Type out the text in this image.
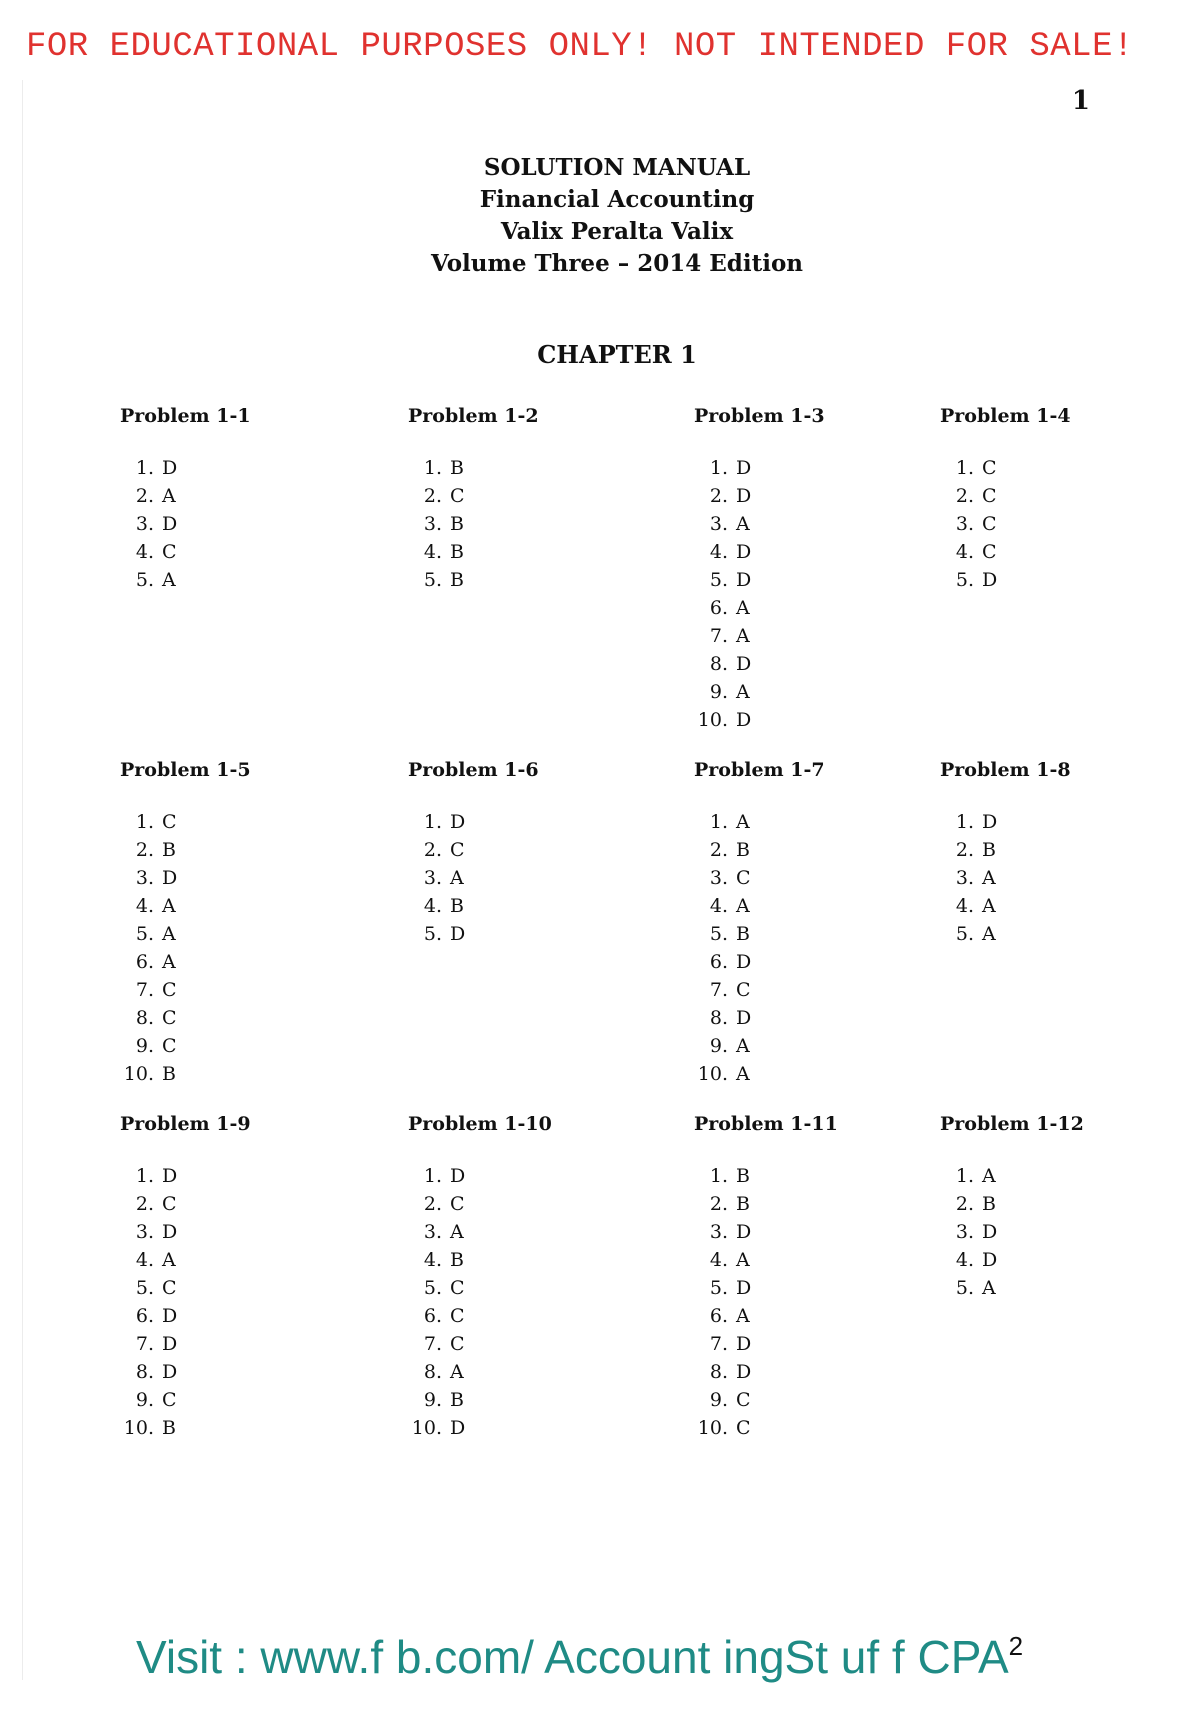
FOR EDUCATIONAL PURPOSES ONLY! NOT INTENDED FOR SALE!
1
SOLUTION MANUAL
Financial Accounting
Valix Peralta Valix
Volume Three – 2014 Edition
CHAPTER 1
Problem 1-1
1. D
2. A
3. D
4. C
5. A
Problem 1-2
1. B
2. C
3. B
4. B
5. B
Problem 1-3
1. D
2. D
3. A
4. D
5. D
6. A
7. A
8. D
9. A
10. D
Problem 1-4
1. C
2. C
3. C
4. C
5. D
Problem 1-5
1. C
2. B
3. D
4. A
5. A
6. A
7. C
8. C
9. C
10. B
Problem 1-6
1. D
2. C
3. A
4. B
5. D
Problem 1-7
1. A
2. B
3. C
4. A
5. B
6. D
7. C
8. D
9. A
10. A
Problem 1-8
1. D
2. B
3. A
4. A
5. A
Problem 1-9
1. D
2. C
3. D
4. A
5. C
6. D
7. D
8. D
9. C
10. B
Problem 1-10
1. D
2. C
3. A
4. B
5. C
6. C
7. C
8. A
9. B
10. D
Problem 1-11
1. B
2. B
3. D
4. A
5. D
6. A
7. D
8. D
9. C
10. C
Problem 1-12
1. A
2. B
3. D
4. D
5. A
Visit : www.f b.com/ Account ingSt uf f CPA$^2$
